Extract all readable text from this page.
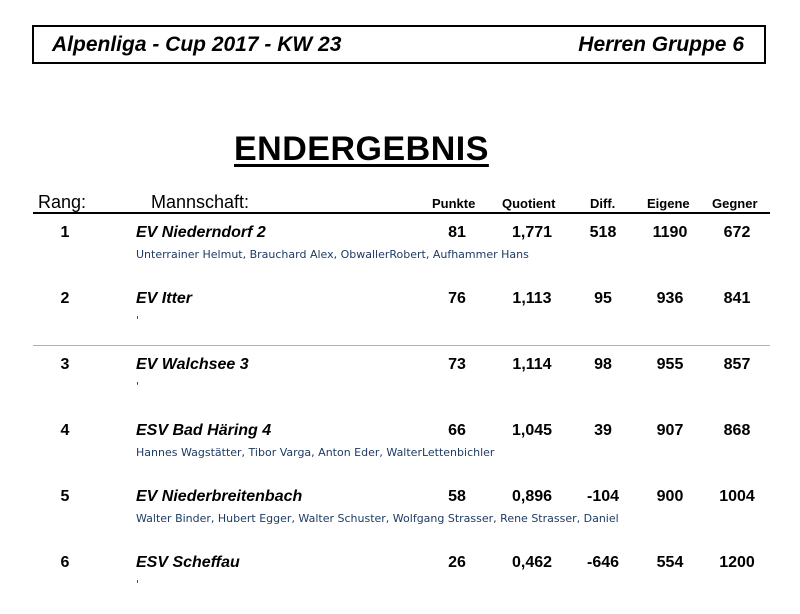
Alpenliga - Cup 2017 - KW 23	Herren Gruppe 6
ENDERGEBNIS
Rang:	Mannschaft:	Punkte Quotient	Diff. Eigene Gegner
1	EV Niederndorf 2	81	1,771	518	1190	672
Unterrainer Helmut, Brauchard Alex, ObwallerRobert, Aufhammer Hans
2	EV Itter	76	1,113	95	936	841
'
3	EV Walchsee 3	73	1,114	98	955	857
'
4	ESV Bad Häring 4	66	1,045	39	907	868
Hannes Wagstätter, Tibor Varga, Anton Eder, WalterLettenbichler
5	EV Niederbreitenbach	58	0,896	-104	900	1004
Walter Binder, Hubert Egger, Walter Schuster, Wolfgang Strasser, Rene Strasser, Daniel
6	ESV Scheffau	26	0,462	-646	554	1200
'
